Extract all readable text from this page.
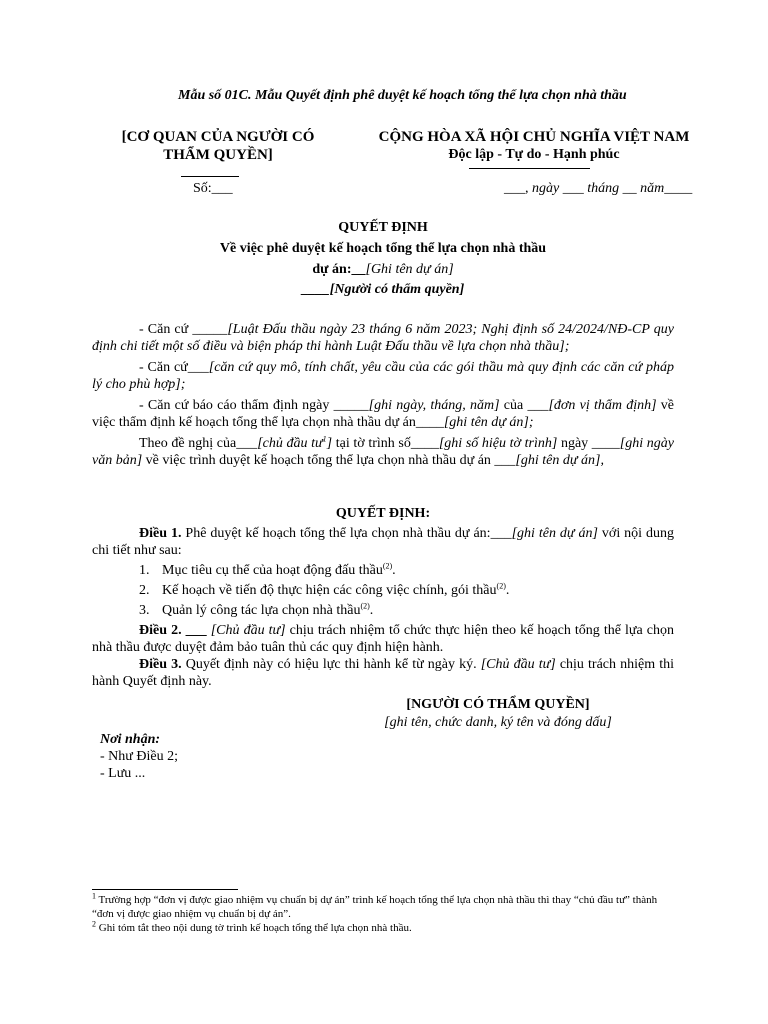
Mẫu số 01C. Mẫu Quyết định phê duyệt kế hoạch tổng thể lựa chọn nhà thầu
[CƠ QUAN CỦA NGƯỜI CÓ
THẨM QUYỀN]
Số:___
CỘNG HÒA XÃ HỘI CHỦ NGHĨA VIỆT NAM
Độc lập - Tự do - Hạnh phúc
___, ngày ___ tháng __ năm____
QUYẾT ĐỊNH
Về việc phê duyệt kế hoạch tổng thể lựa chọn nhà thầu
dự án:__[Ghi tên dự án]
____[Người có thẩm quyền]

- Căn cứ _____[Luật Đấu thầu ngày 23 tháng 6 năm 2023; Nghị định số 24/2024/NĐ-CP quy định chi tiết một số điều và biện pháp thi hành Luật Đấu thầu về lựa chọn nhà thầu];

- Căn cứ___[căn cứ quy mô, tính chất, yêu cầu của các gói thầu mà quy định các căn cứ pháp lý cho phù hợp];

- Căn cứ báo cáo thẩm định ngày _____[ghi ngày, tháng, năm] của ___[đơn vị thẩm định] về việc thẩm định kế hoạch tổng thể lựa chọn nhà thầu dự án____[ghi tên dự án];

Theo đề nghị của___[chủ đầu $tư^1$] tại tờ trình số____[ghi số hiệu tờ trình] ngày ____[ghi ngày văn bản] về việc trình duyệt kế hoạch tổng thể lựa chọn nhà thầu dự án ___[ghi tên dự án],

QUYẾT ĐỊNH:

Điều 1. Phê duyệt kế hoạch tổng thể lựa chọn nhà thầu dự án:___[ghi tên dự án] với nội dung chi tiết như sau:

1. Mục tiêu cụ thể của hoạt động đấu thầu$^{(2)}$.
2. Kế hoạch về tiến độ thực hiện các công việc chính, gói thầu$^{(2)}$.
3. Quản lý công tác lựa chọn nhà thầu$^{(2)}$.

Điều 2. ___ [Chủ đầu tư] chịu trách nhiệm tổ chức thực hiện theo kế hoạch tổng thể lựa chọn nhà thầu được duyệt đảm bảo tuân thủ các quy định hiện hành.

Điều 3. Quyết định này có hiệu lực thi hành kể từ ngày ký. [Chủ đầu tư] chịu trách nhiệm thi hành Quyết định này.

[NGƯỜI CÓ THẨM QUYỀN]
[ghi tên, chức danh, ký tên và đóng dấu]
Nơi nhận:
- Như Điều 2;
- Lưu ...

$^1$ Trường hợp “đơn vị được giao nhiệm vụ chuẩn bị dự án” trình kế hoạch tổng thể lựa chọn nhà thầu thì thay “chủ đầu tư” thành “đơn vị được giao nhiệm vụ chuẩn bị dự án”.

$^2$ Ghi tóm tắt theo nội dung tờ trình kế hoạch tổng thể lựa chọn nhà thầu.
